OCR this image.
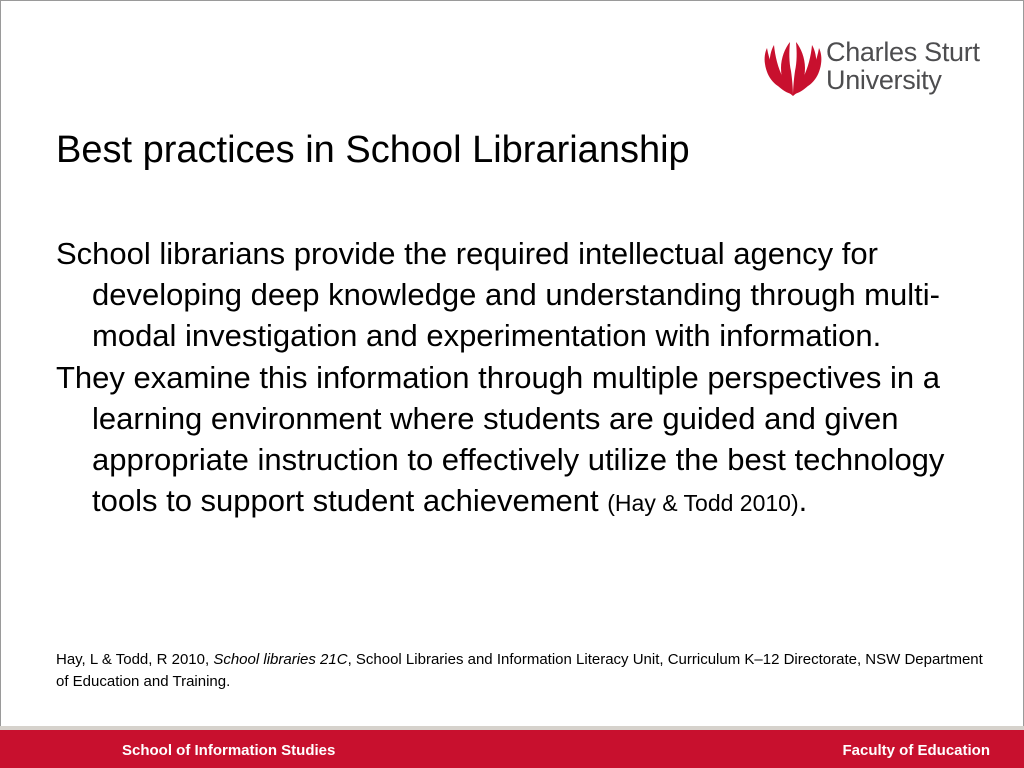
Charles Sturt
University
Best practices in School Librarianship

School librarians provide the required intellectual agency for developing deep knowledge and understanding through multi-modal investigation and experimentation with information.

They examine this information through multiple perspectives in a learning environment where students are guided and given appropriate instruction to effectively utilize the best technology tools to support student achievement (Hay & Todd 2010).

Hay, L & Todd, R 2010, School libraries 21C, School Libraries and Information Literacy Unit, Curriculum K–12 Directorate, NSW Department of Education and Training.

School of Information Studies	Faculty of Education
